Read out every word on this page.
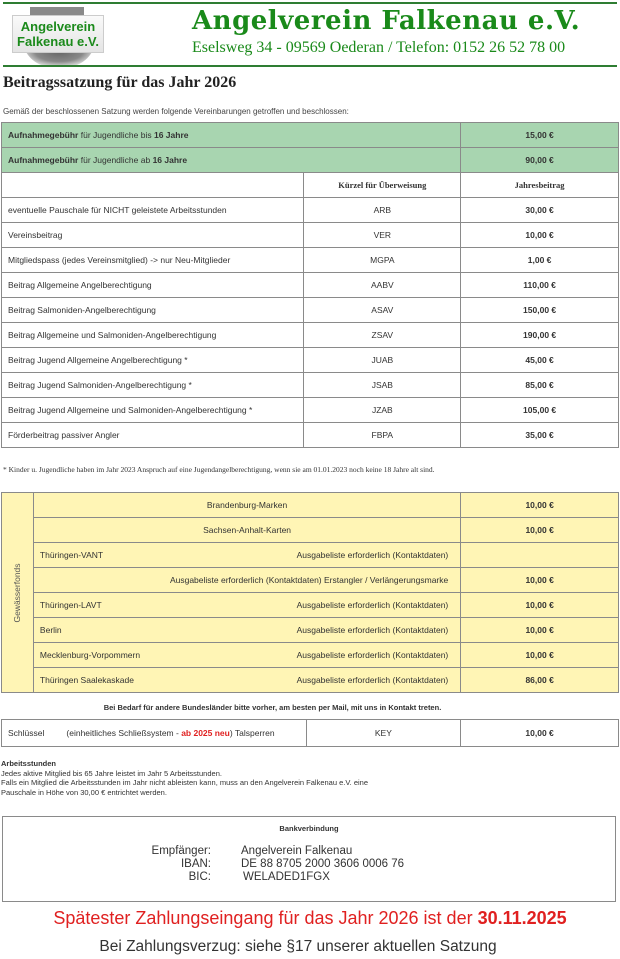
Angelverein
Falkenau e.V.
Angelverein Falkenau e.V.
Eselsweg 34 - 09569 Oederan / Telefon: 0152 26 52 78 00
Beitragssatzung für das Jahr 2026
Gemäß der beschlossenen Satzung werden folgende Vereinbarungen getroffen und beschlossen:
Aufnahmegebühr für Jugendliche bis 16 Jahre		15,00 €
Aufnahmegebühr für Jugendliche ab 16 Jahre		90,00 €
	Kürzel für Überweisung	Jahresbeitrag
eventuelle Pauschale für NICHT geleistete Arbeitsstunden	ARB	30,00 €
Vereinsbeitrag	VER	10,00 €
Mitgliedspass (jedes Vereinsmitglied) -> nur Neu-Mitglieder	MGPA	1,00 €
Beitrag Allgemeine Angelberechtigung	AABV	110,00 €
Beitrag Salmoniden-Angelberechtigung	ASAV	150,00 €
Beitrag Allgemeine und Salmoniden-Angelberechtigung	ZSAV	190,00 €
Beitrag Jugend Allgemeine Angelberechtigung *	JUAB	45,00 €
Beitrag Jugend Salmoniden-Angelberechtigung *	JSAB	85,00 €
Beitrag Jugend Allgemeine und Salmoniden-Angelberechtigung *	JZAB	105,00 €
Förderbeitrag passiver Angler	FBPA	35,00 €
* Kinder u. Jugendliche haben im Jahr 2023 Anspruch auf eine Jugendangelberechtigung, wenn sie am 01.01.2023 noch keine 18 Jahre alt sind.
Gewässerfonds	Brandenburg-Marken	10,00 €
	Sachsen-Anhalt-Karten	10,00 €

	Thüringen-VANT Ausgabeliste erforderlich (Kontaktdaten)	

	Ausgabeliste erforderlich (Kontaktdaten) Erstangler / Verlängerungsmarke	10,00 €

	Thüringen-LAVT Ausgabeliste erforderlich (Kontaktdaten)	10,00 €

	Berlin Ausgabeliste erforderlich (Kontaktdaten)	10,00 €

	Mecklenburg-Vorpommern Ausgabeliste erforderlich (Kontaktdaten)	10,00 €

	Thüringen Saalekaskade Ausgabeliste erforderlich (Kontaktdaten)	86,00 €
Bei Bedarf für andere Bundesländer bitte vorher, am besten per Mail, mit uns in Kontakt treten.
Schlüssel	(einheitliches Schließsystem - ab 2025 neu) Talsperren	KEY	10,00 €
Arbeitsstunden
Jedes aktive Mitglied bis 65 Jahre leistet im Jahr 5 Arbeitsstunden.
Falls ein Mitglied die Arbeitsstunden im Jahr nicht ableisten kann, muss an den Angelverein Falkenau e.V. eine
Pauschale in Höhe von 30,00 € entrichtet werden.
Bankverbindung
Empfänger:	Angelverein Falkenau
IBAN:	DE 88 8705 2000 3606 0006 76
BIC:	WELADED1FGX
Spätester Zahlungseingang für das Jahr 2026 ist der 30.11.2025
Bei Zahlungsverzug: siehe §17 unserer aktuellen Satzung
